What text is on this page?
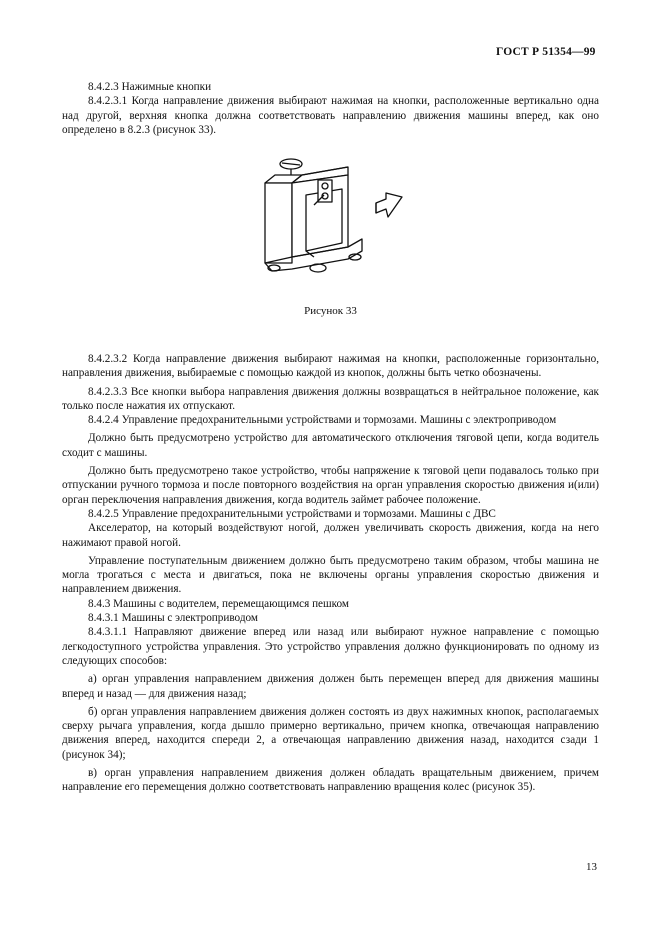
ГОСТ Р 51354—99

8.4.2.3 Нажимные кнопки

8.4.2.3.1 Когда направление движения выбирают нажимая на кнопки, расположенные вертикально одна над другой, верхняя кнопка должна соответствовать направлению движения машины вперед, как оно определено в 8.2.3 (рисунок 33).

Рисунок 33

8.4.2.3.2 Когда направление движения выбирают нажимая на кнопки, расположенные горизонтально, направления движения, выбираемые с помощью каждой из кнопок, должны быть четко обозначены.

8.4.2.3.3 Все кнопки выбора направления движения должны возвращаться в нейтральное положение, как только после нажатия их отпускают.

8.4.2.4 Управление предохранительными устройствами и тормозами. Машины с электроприводом

Должно быть предусмотрено устройство для автоматического отключения тяговой цепи, когда водитель сходит с машины.

Должно быть предусмотрено такое устройство, чтобы напряжение к тяговой цепи подавалось только при отпускании ручного тормоза и после повторного воздействия на орган управления скоростью движения и(или) орган переключения направления движения, когда водитель займет рабочее положение.

8.4.2.5 Управление предохранительными устройствами и тормозами. Машины с ДВС

Акселератор, на который воздействуют ногой, должен увеличивать скорость движения, когда на него нажимают правой ногой.

Управление поступательным движением должно быть предусмотрено таким образом, чтобы машина не могла трогаться с места и двигаться, пока не включены органы управления скоростью движения и направлением движения.

8.4.3 Машины с водителем, перемещающимся пешком

8.4.3.1 Машины с электроприводом

8.4.3.1.1 Направляют движение вперед или назад или выбирают нужное направление с помощью легкодоступного устройства управления. Это устройство управления должно функционировать по одному из следующих способов:

а) орган управления направлением движения должен быть перемещен вперед для движения машины вперед и назад — для движения назад;

б) орган управления направлением движения должен состоять из двух нажимных кнопок, располагаемых сверху рычага управления, когда дышло примерно вертикально, причем кнопка, отвечающая направлению движения вперед, находится спереди 2, а отвечающая направлению движения назад, находится сзади 1 (рисунок 34);

в) орган управления направлением движения должен обладать вращательным движением, причем направление его перемещения должно соответствовать направлению вращения колес (рисунок 35).

13
